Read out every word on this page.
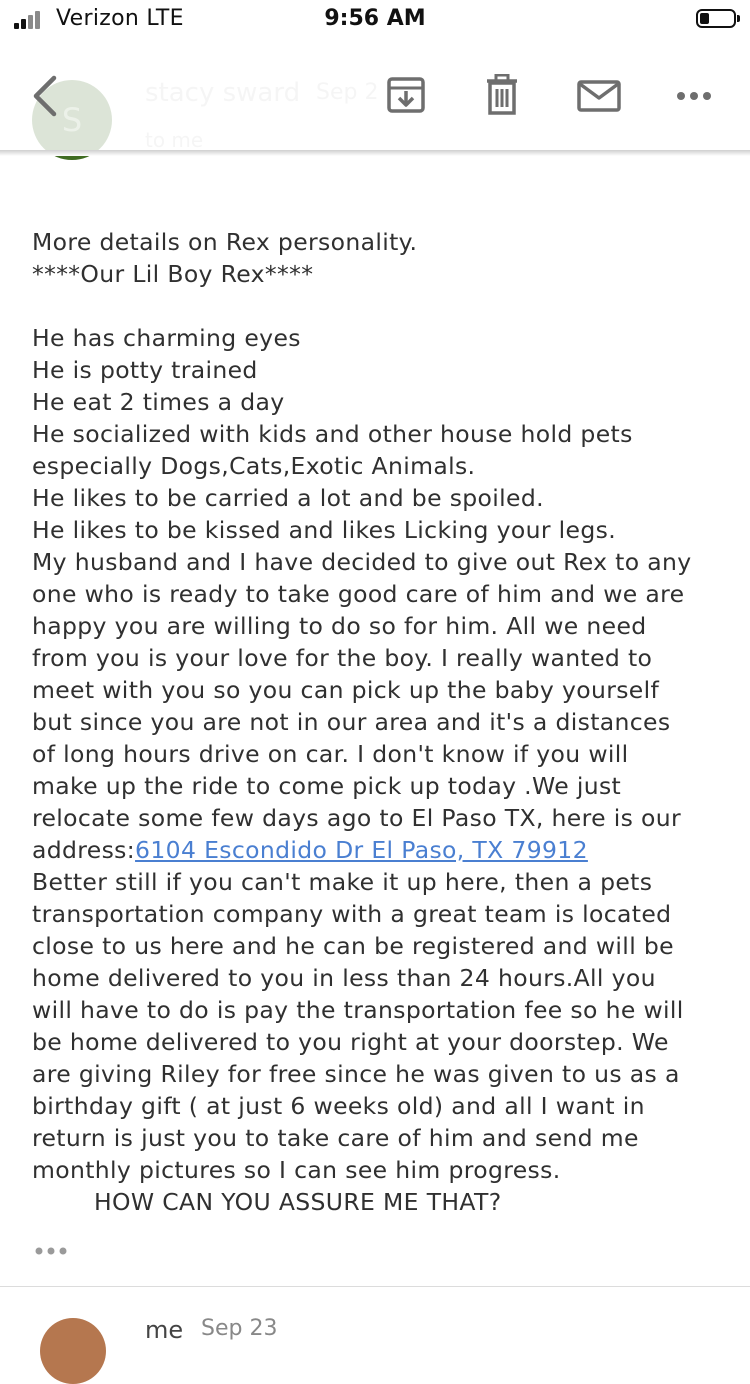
Verizon LTE	9:56 AM
More details on Rex personality.
****Our Lil Boy Rex****
He has charming eyes
He is potty trained
He eat 2 times a day
He socialized with kids and other house hold pets
especially Dogs,Cats,Exotic Animals.
He likes to be carried a lot and be spoiled.
He likes to be kissed and likes Licking your legs.
My husband and I have decided to give out Rex to any
one who is ready to take good care of him and we are
happy you are willing to do so for him. All we need
from you is your love for the boy. I really wanted to
meet with you so you can pick up the baby yourself
but since you are not in our area and it's a distances
of long hours drive on car. I don't know if you will
make up the ride to come pick up today .We just
relocate some few days ago to El Paso TX, here is our
address:6104 Escondido Dr El Paso, TX 79912
Better still if you can't make it up here, then a pets
transportation company with a great team is located
close to us here and he can be registered and will be
home delivered to you in less than 24 hours.All you
will have to do is pay the transportation fee so he will
be home delivered to you right at your doorstep. We
are giving Riley for free since he was given to us as a
birthday gift ( at just 6 weeks old) and all I want in
return is just you to take care of him and send me
monthly pictures so I can see him progress.
HOW CAN YOU ASSURE ME THAT?
me Sep 23
